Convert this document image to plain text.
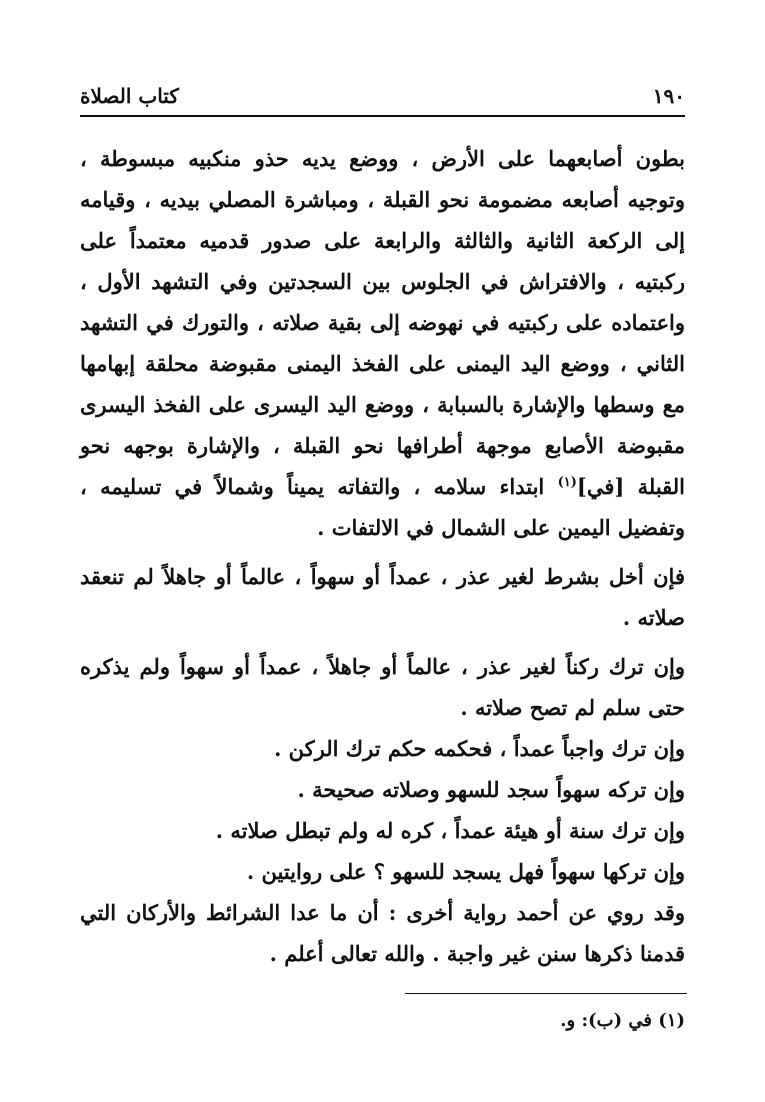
١٩٠
كتاب الصلاة

بطون أصابعهما على الأرض ، ووضع يديه حذو منكبيه مبسوطة ، وتوجيه أصابعه مضمومة نحو القبلة ، ومباشرة المصلي بيديه ، وقيامه إلى الركعة الثانية والثالثة والرابعة على صدور قدميه معتمداً على ركبتيه ، والافتراش في الجلوس بين السجدتين وفي التشهد الأول ، واعتماده على ركبتيه في نهوضه إلى بقية صلاته ، والتورك في التشهد الثاني ، ووضع اليد اليمنى على الفخذ اليمنى مقبوضة محلقة إبهامها مع وسطها والإشارة بالسبابة ، ووضع اليد اليسرى على الفخذ اليسرى مقبوضة الأصابع موجهة أطرافها نحو القبلة ، والإشارة بوجهه نحو القبلة [في]$^{(١)}$ ابتداء سلامه ، والتفاته يميناً وشمالاً في تسليمه ، وتفضيل اليمين على الشمال في الالتفات .

فإن أخل بشرط لغير عذر ، عمداً أو سهواً ، عالماً أو جاهلاً لم تنعقد صلاته .

وإن ترك ركناً لغير عذر ، عالماً أو جاهلاً ، عمداً أو سهواً ولم يذكره حتى سلم لم تصح صلاته .

وإن ترك واجباً عمداً ، فحكمه حكم ترك الركن .

وإن تركه سهواً سجد للسهو وصلاته صحيحة .

وإن ترك سنة أو هيئة عمداً ، كره له ولم تبطل صلاته .

وإن تركها سهواً فهل يسجد للسهو ؟ على روايتين .

وقد روي عن أحمد رواية أخرى : أن ما عدا الشرائط والأركان التي قدمنا ذكرها سنن غير واجبة . والله تعالى أعلم .

(١) في (ب): و.
